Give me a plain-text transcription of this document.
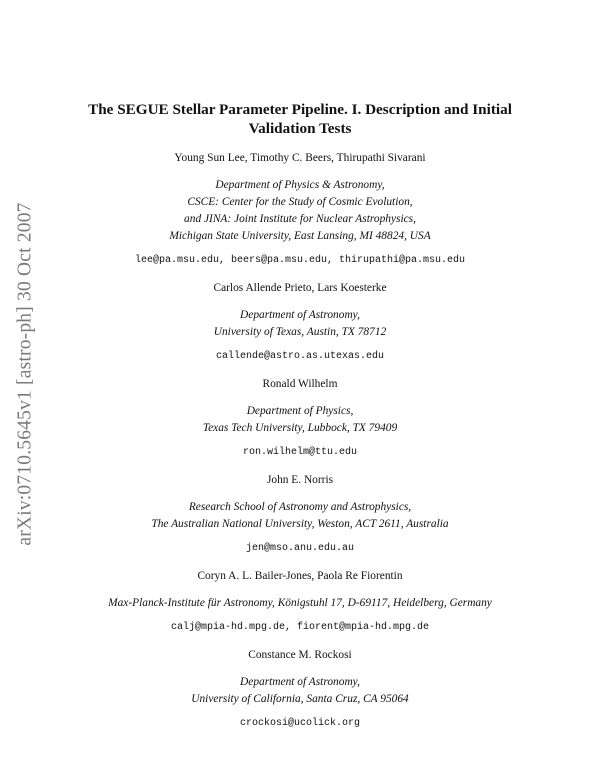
arXiv:0710.5645v1 [astro-ph] 30 Oct 2007
The SEGUE Stellar Parameter Pipeline. I. Description and Initial
Validation Tests
Young Sun Lee, Timothy C. Beers, Thirupathi Sivarani
Department of Physics & Astronomy,
CSCE: Center for the Study of Cosmic Evolution,
and JINA: Joint Institute for Nuclear Astrophysics,
Michigan State University, East Lansing, MI 48824, USA
lee@pa.msu.edu, beers@pa.msu.edu, thirupathi@pa.msu.edu
Carlos Allende Prieto, Lars Koesterke
Department of Astronomy,
University of Texas, Austin, TX 78712
callende@astro.as.utexas.edu
Ronald Wilhelm
Department of Physics,
Texas Tech University, Lubbock, TX 79409
ron.wilhelm@ttu.edu
John E. Norris
Research School of Astronomy and Astrophysics,
The Australian National University, Weston, ACT 2611, Australia
jen@mso.anu.edu.au
Coryn A. L. Bailer-Jones, Paola Re Fiorentin
Max-Planck-Institute für Astronomy, Königstuhl 17, D-69117, Heidelberg, Germany
calj@mpia-hd.mpg.de, fiorent@mpia-hd.mpg.de
Constance M. Rockosi
Department of Astronomy,
University of California, Santa Cruz, CA 95064
crockosi@ucolick.org
